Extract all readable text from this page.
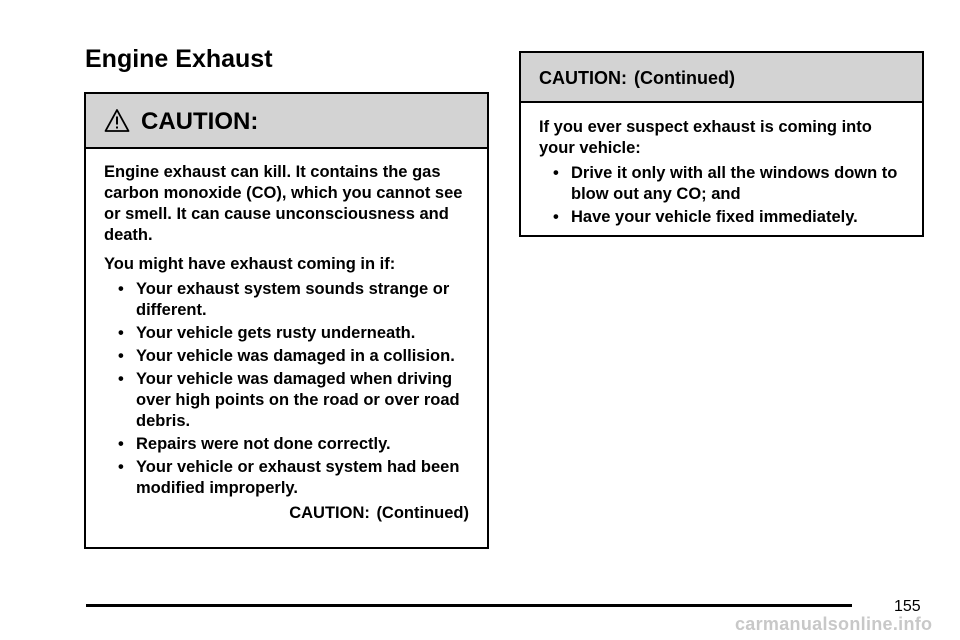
Engine Exhaust
CAUTION:

Engine exhaust can kill. It contains the gas carbon monoxide (CO), which you cannot see or smell. It can cause unconsciousness and death.

You might have exhaust coming in if:

• Your exhaust system sounds strange or different.
• Your vehicle gets rusty underneath.
• Your vehicle was damaged in a collision.
• Your vehicle was damaged when driving over high points on the road or over road debris.
• Repairs were not done correctly.
• Your vehicle or exhaust system had been modified improperly.
CAUTION: (Continued)
CAUTION: (Continued)

If you ever suspect exhaust is coming into your vehicle:

• Drive it only with all the windows down to blow out any CO; and
• Have your vehicle fixed immediately.
155
carmanualsonline.info
